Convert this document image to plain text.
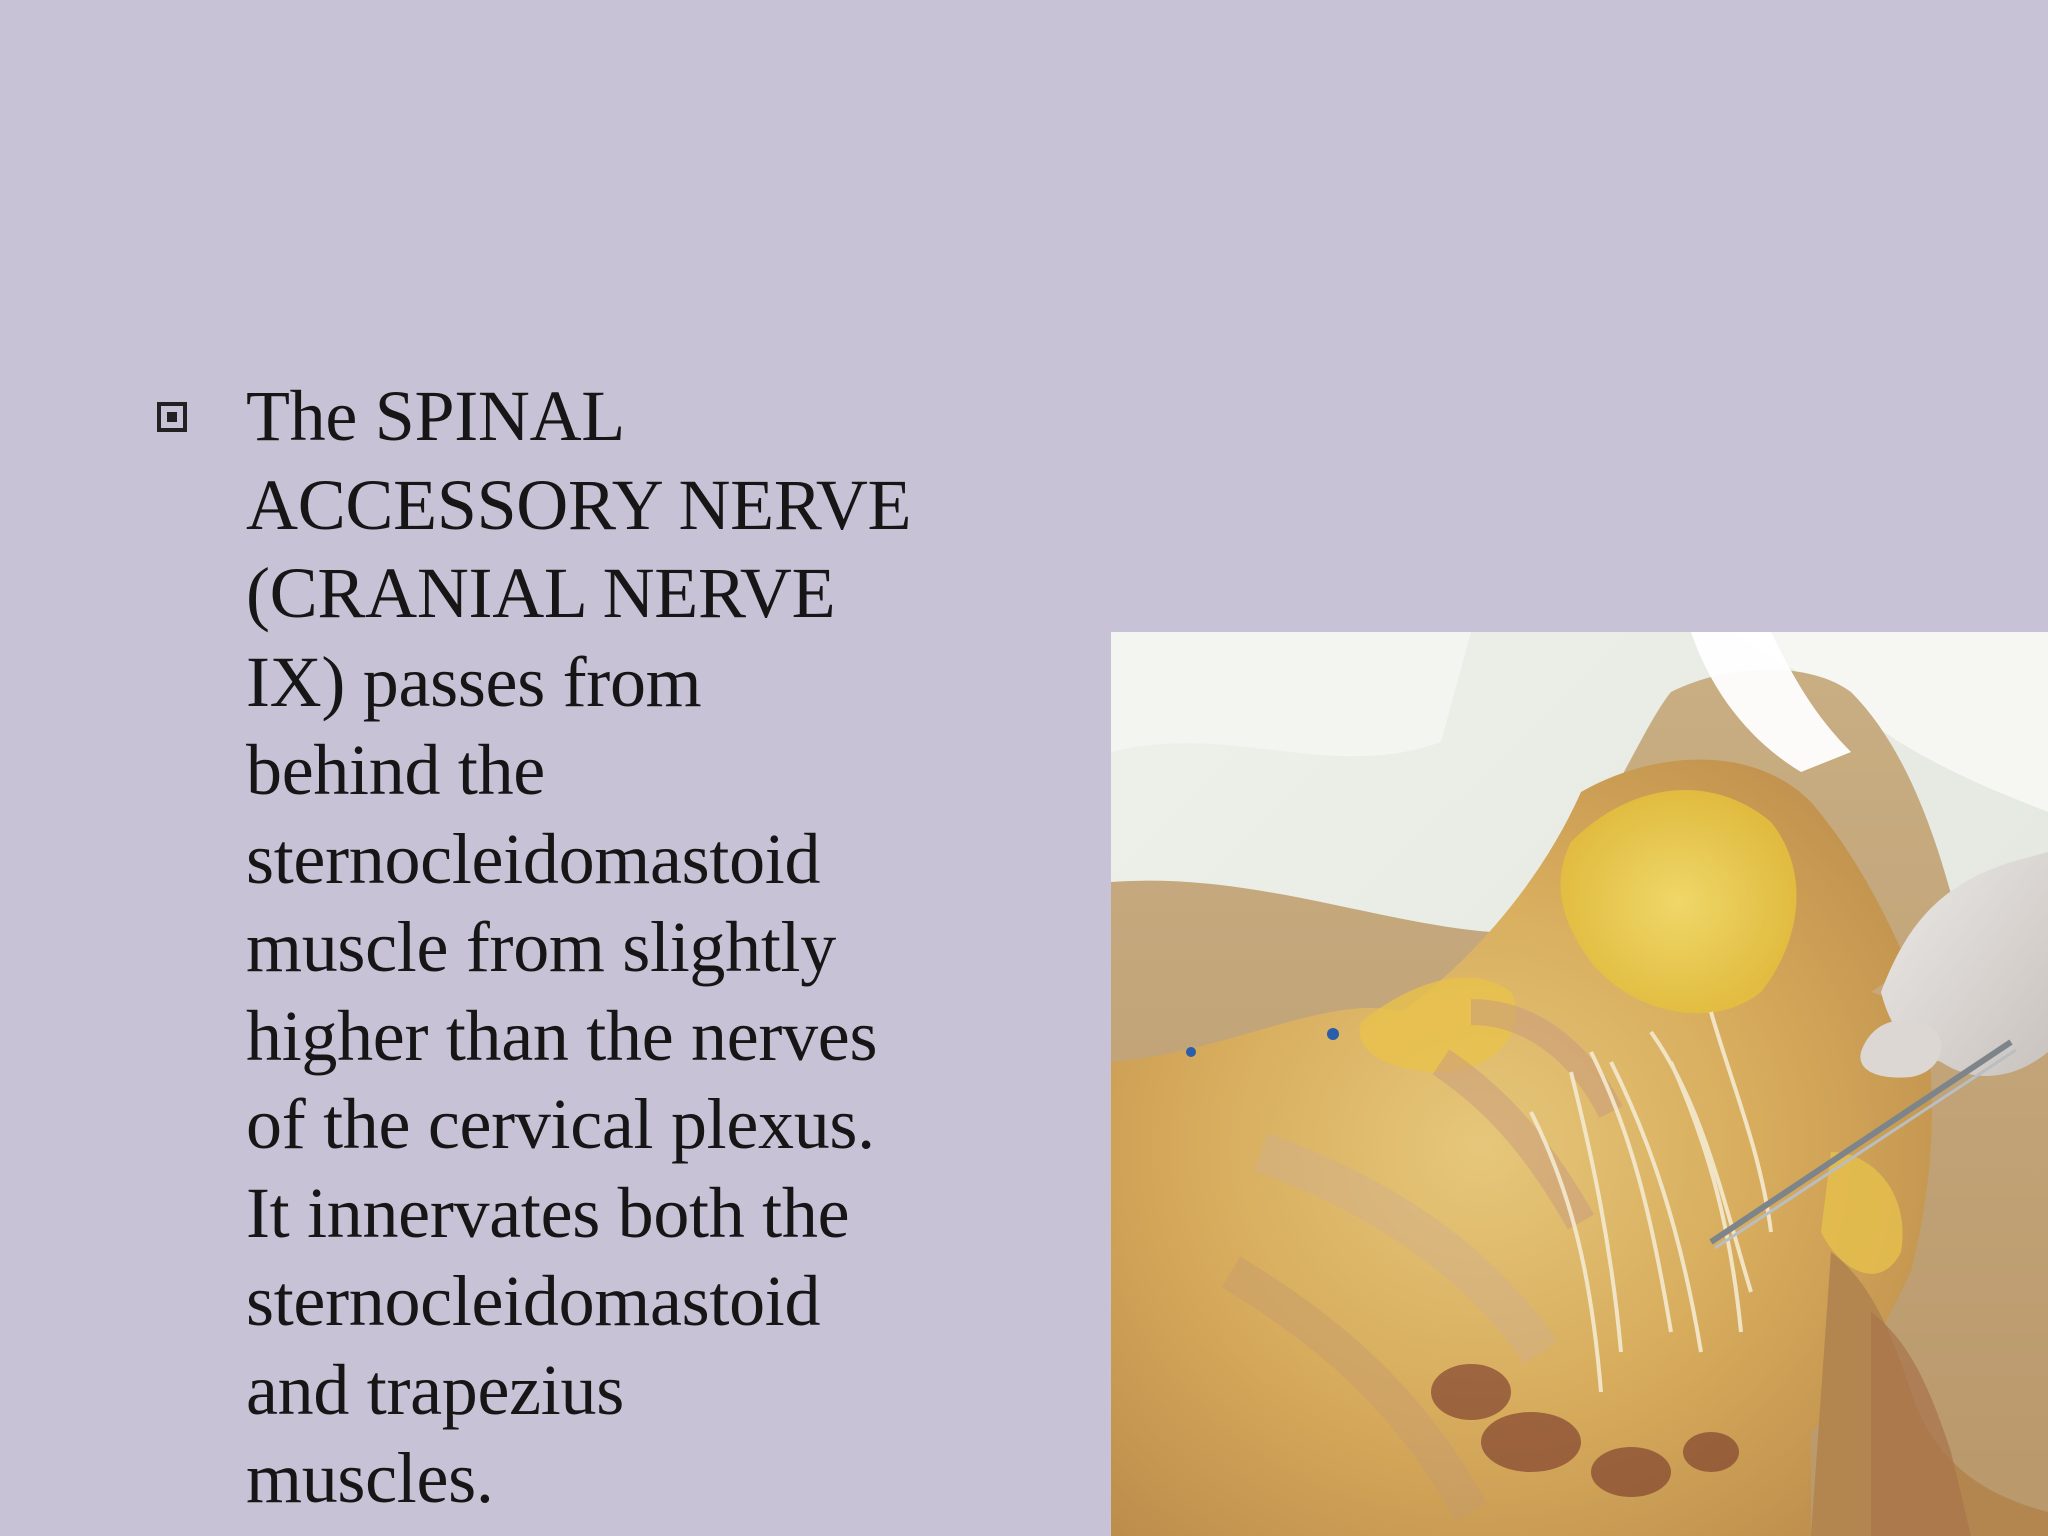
The SPINAL
ACCESSORY NERVE
(CRANIAL NERVE
IX) passes from
behind the
sternocleidomastoid
muscle from slightly
higher than the nerves
of the cervical plexus.
It innervates both the
sternocleidomastoid
and trapezius
muscles.
